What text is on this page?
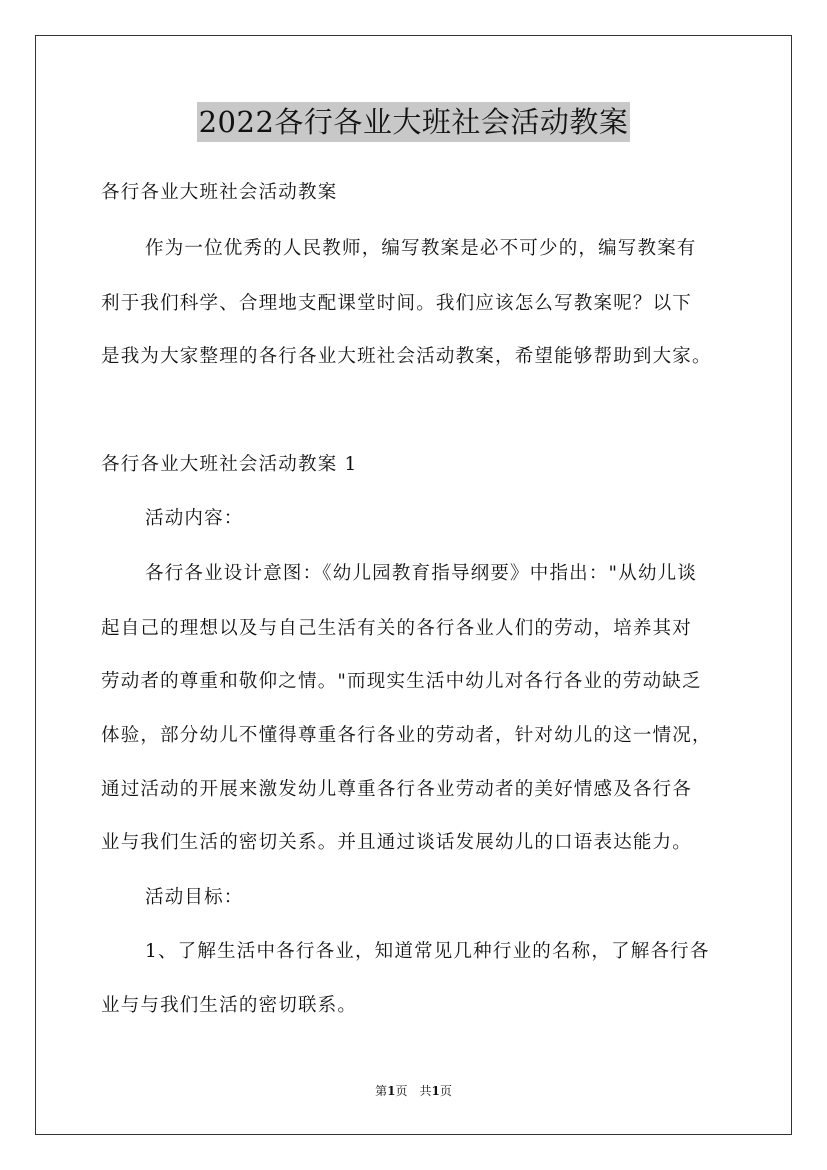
2022各行各业大班社会活动教案
各行各业大班社会活动教案
作为一位优秀的人民教师，编写教案是必不可少的，编写教案有
利于我们科学、合理地支配课堂时间。我们应该怎么写教案呢？以下
是我为大家整理的各行各业大班社会活动教案，希望能够帮助到大家。
各行各业大班社会活动教案 1
活动内容：
各行各业设计意图：《幼儿园教育指导纲要》中指出："从幼儿谈
起自己的理想以及与自己生活有关的各行各业人们的劳动，培养其对
劳动者的尊重和敬仰之情。"而现实生活中幼儿对各行各业的劳动缺乏
体验，部分幼儿不懂得尊重各行各业的劳动者，针对幼儿的这一情况，
通过活动的开展来激发幼儿尊重各行各业劳动者的美好情感及各行各
业与我们生活的密切关系。并且通过谈话发展幼儿的口语表达能力。
活动目标：
1、了解生活中各行各业，知道常见几种行业的名称，了解各行各
业与与我们生活的密切联系。
第1页　共1页
